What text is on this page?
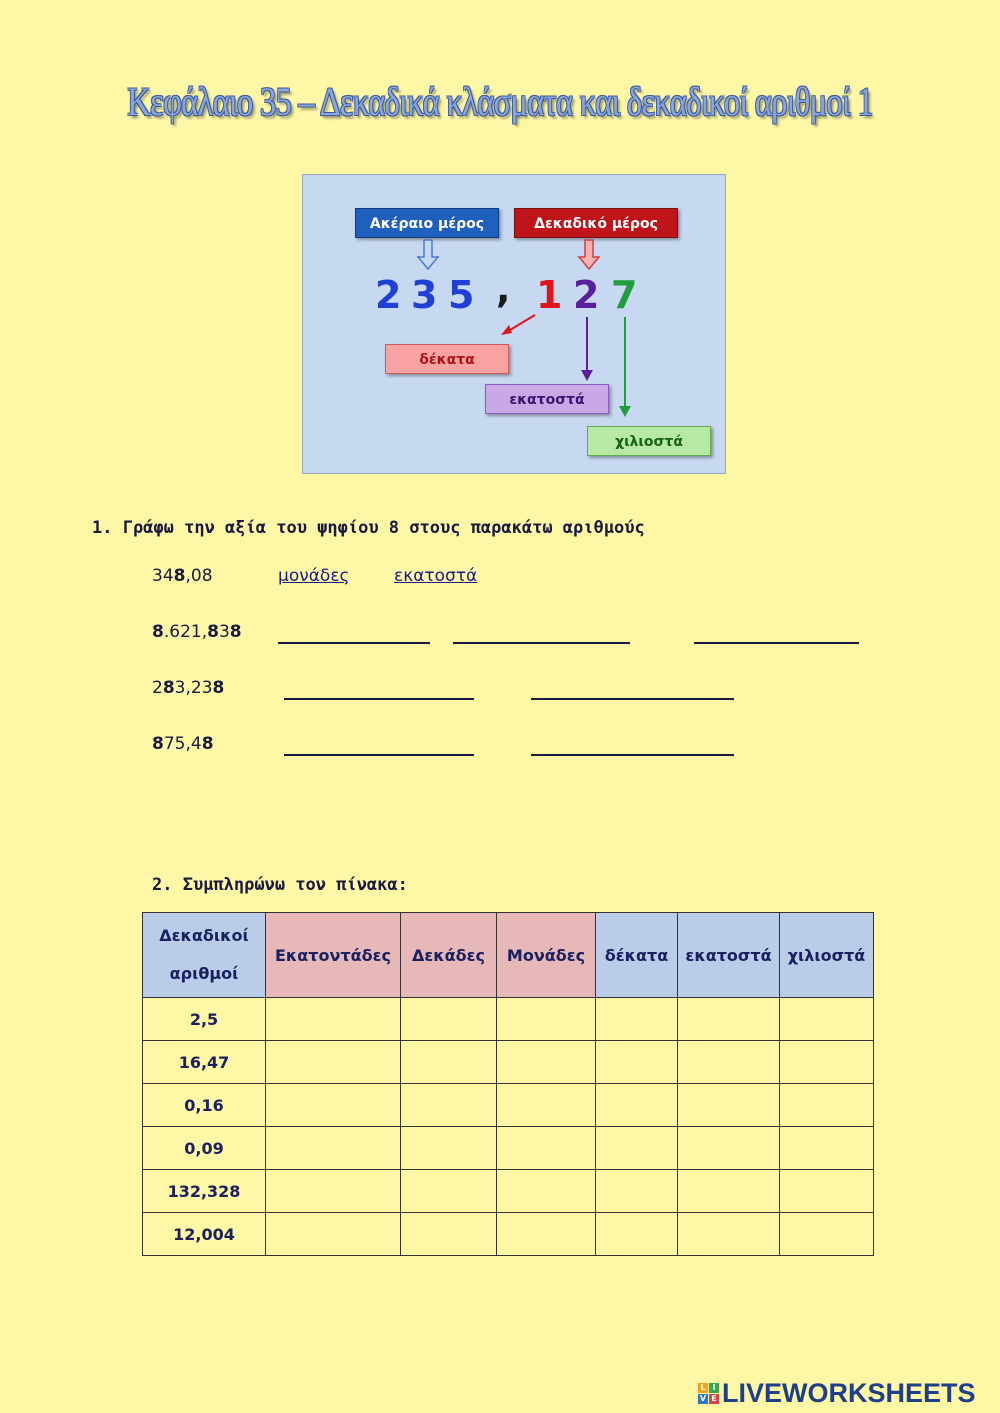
Κεφάλαιο 35 – Δεκαδικά κλάσματα και δεκαδικοί αριθμοί 1
Ακέραιο μέρος	Δεκαδικό μέρος
2 3 5 , 1 2 7
δέκατα
εκατοστά
χιλιοστά
1. Γράφω την αξία του ψηφίου 8 στους παρακάτω αριθμούς
348,08	μονάδες	εκατοστά
8.621,838
283,238
875,48
2. Συμπληρώνω τον πίνακα:
Δεκαδικοί αριθμοί	Εκατοντάδες	Δεκάδες	Μονάδες	δέκατα	εκατοστά	χιλιοστά
2,5						
16,47						
0,16						
0,09						
132,328						
12,004						
L I
V E LIVEWORKSHEETS
